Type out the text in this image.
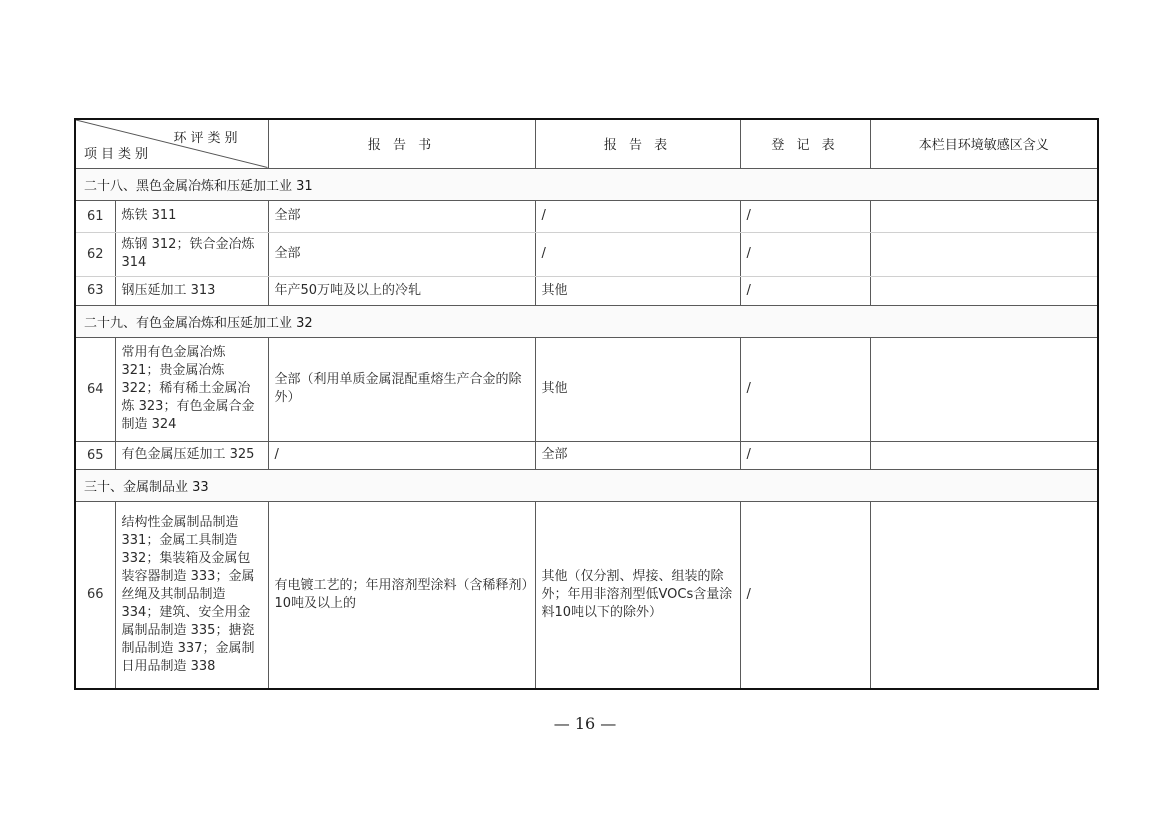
环评类别
项目类别		报 告 书	报 告 表	登 记 表	本栏目环境敏感区含义
二十八、黑色金属冶炼和压延加工业 31					
61	炼铁 311	全部	/	/	
62	炼钢 312；铁合金冶炼 314	全部	/	/	
63	钢压延加工 313	年产50万吨及以上的冷轧	其他	/	
二十九、有色金属冶炼和压延加工业 32					
64	常用有色金属冶炼 321；贵金属冶炼 322；稀有稀土金属冶炼 323；有色金属合金制造 324	全部（利用单质金属混配重熔生产合金的除外）	其他	/	
65	有色金属压延加工 325	/	全部	/	
三十、金属制品业 33					
66	结构性金属制品制造 331；金属工具制造 332；集装箱及金属包装容器制造 333；金属丝绳及其制品制造 334；建筑、安全用金属制品制造 335；搪瓷制品制造 337；金属制日用品制造 338	有电镀工艺的；年用溶剂型涂料（含稀释剂）10吨及以上的	其他（仅分割、焊接、组装的除外；年用非溶剂型低VOCs含量涂料10吨以下的除外）	/	
— 16 —
